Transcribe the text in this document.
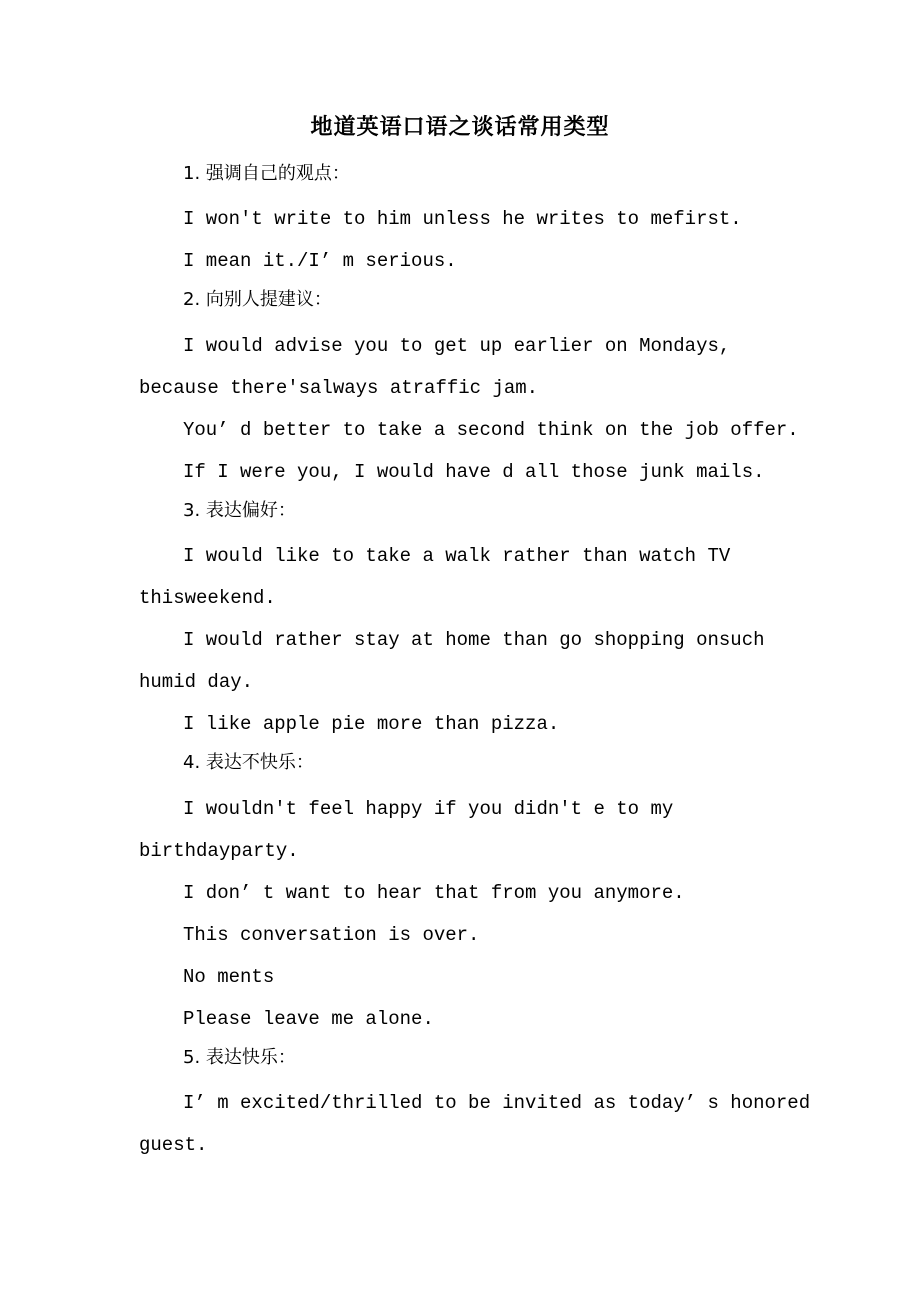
地道英语口语之谈话常用类型
1. 强调自己的观点：
I won't write to him unless he writes to mefirst.
I mean it./I’ m serious.
2. 向别人提建议：
I would advise you to get up earlier on Mondays,
because there'salways atraffic jam.
You’ d better to take a second think on the job offer.
If I were you, I would have d all those junk mails.
3. 表达偏好：
I would like to take a walk rather than watch TV
thisweekend.
I would rather stay at home than go shopping onsuch
humid day.
I like apple pie more than pizza.
4. 表达不快乐：
I wouldn't feel happy if you didn't e to my
birthdayparty.
I don’ t want to hear that from you anymore.
This conversation is over.
No ments
Please leave me alone.
5. 表达快乐：
I’ m excited/thrilled to be invited as today’ s honored
guest.
